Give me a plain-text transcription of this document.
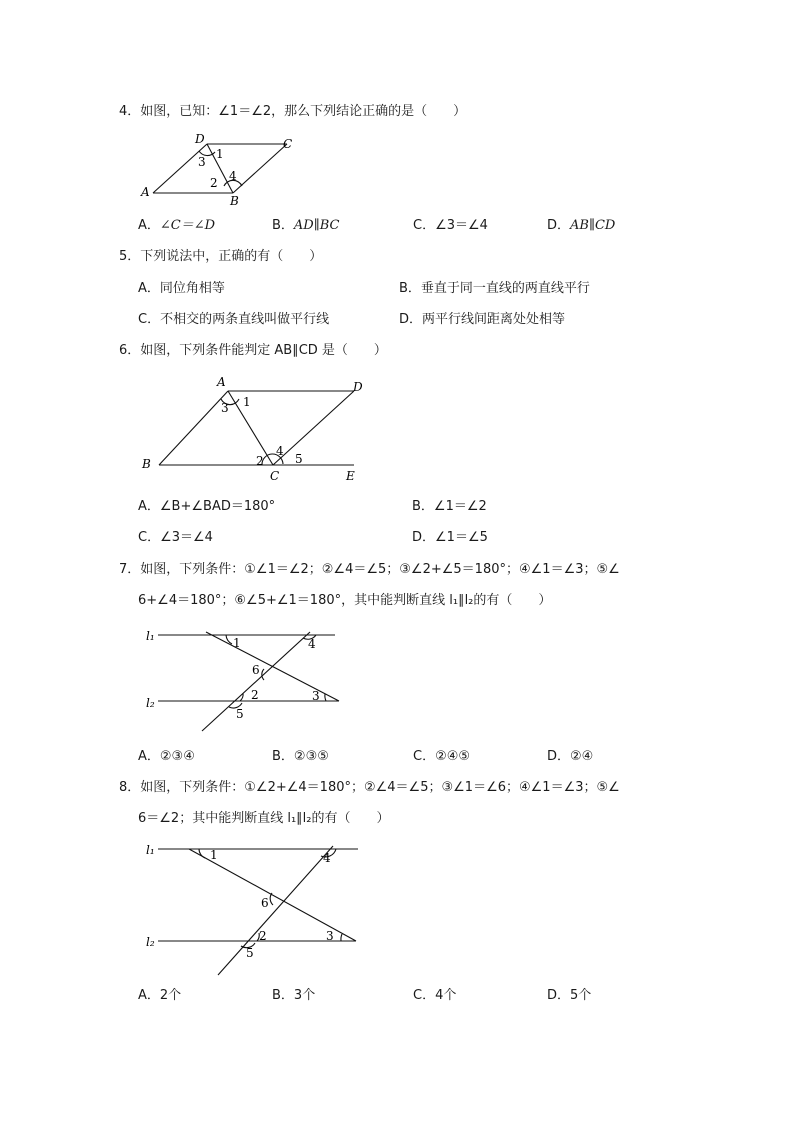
4．如图，已知：∠1＝∠2，那么下列结论正确的是（　　）
D	C
A
B
1
3
2 4
A．∠C＝∠D	B．AD∥BC	C．∠3＝∠4	D．AB∥CD
5．下列说法中，正确的有（　　）
A．同位角相等	B．垂直于同一直线的两直线平行
C．不相交的两条直线叫做平行线	D．两平行线间距离处处相等
6．如图，下列条件能判定 AB∥CD 是（　　）
A	D
B
C	E
1
3
2
4
5
A．∠B+∠BAD＝180°	B．∠1＝∠2
C．∠3＝∠4	D．∠1＝∠5
7．如图，下列条件：①∠1＝∠2；②∠4＝∠5；③∠2+∠5＝180°；④∠1＝∠3；⑤∠
6+∠4＝180°；⑥∠5+∠1＝180°，其中能判断直线 l₁∥l₂的有（　　）
l₁
l₂
1	4
6
2	3
5
A．②③④	B．②③⑤	C．②④⑤	D．②④
8．如图，下列条件：①∠2+∠4＝180°；②∠4＝∠5；③∠1＝∠6；④∠1＝∠3；⑤∠
6＝∠2；其中能判断直线 l₁∥l₂的有（　　）
l₁
l₂
1	4
6
2	3
5
A．2个	B．3个	C．4个	D．5个
